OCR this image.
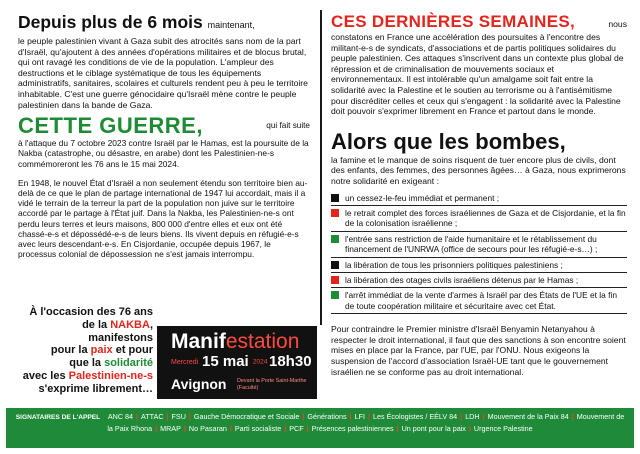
Depuis plus de 6 mois maintenant,

le peuple palestinien vivant à Gaza subit des atrocités sans nom de la part d'Israël, qu'ajoutent à des années d'opérations militaires et de blocus brutal, qui ont ravagé les conditions de vie de la population. L'ampleur des destructions et le ciblage systématique de tous les équipements administratifs, sanitaires, scolaires et culturels rendent peu à peu le territoire inhabitable. C'est une guerre génocidaire qu'Israël mène contre le peuple palestinien dans la bande de Gaza.

CETTE GUERRE,	qui fait suite

à l'attaque du 7 octobre 2023 contre Israël par le Hamas, est la poursuite de la Nakba (catastrophe, ou désastre, en arabe) dont les Palestinien-ne-s commémoreront les 76 ans le 15 mai 2024.

En 1948, le nouvel État d'Israël a non seulement étendu son territoire bien au-delà de ce que le plan de partage international de 1947 lui accordait, mais il a vidé le terrain de la terreur la part de la population non juive sur le territoire accordé par le partage à l'État juif. Dans la Nakba, les Palestinien-ne-s ont perdu leurs terres et leurs maisons, 800 000 d'entre elles et eux ont été chassé-e-s et dépossédé-e-s de leurs biens. Ils vivent depuis en réfugié-e-s avec leurs descendant-e-s. En Cisjordanie, occupée depuis 1967, le processus colonial de dépossession ne s'est jamais interrompu.

À l'occasion des 76 ans
de la NAKBA,
manifestons
pour la paix et pour
que la solidarité
avec les Palestinien-ne-s
s'exprime librement…
Manifestation
Mercredi 15 mai 2024 18h30
Avignon Devant la Porte Saint-Marthe (Faculté)
CES DERNIÈRES SEMAINES,	nous

constatons en France une accélération des poursuites à l'encontre des militant-e-s de syndicats, d'associations et de partis politiques solidaires du peuple palestinien. Ces attaques s'inscrivent dans un contexte plus global de répression et de criminalisation de mouvements sociaux et environnementaux. Il est intolérable qu'un amalgame soit fait entre la solidarité avec la Palestine et le soutien au terrorisme ou à l'antisémitisme pour discréditer celles et ceux qui s'engagent : la solidarité avec la Palestine doit pouvoir s'exprimer librement en France et partout dans le monde.

Alors que les bombes,

la famine et le manque de soins risquent de tuer encore plus de civils, dont des enfants, des femmes, des personnes âgées… à Gaza, nous exprimerons notre solidarité en exigeant :

un cessez-le-feu immédiat et permanent ;
le retrait complet des forces israéliennes de Gaza et de Cisjordanie, et la fin de la colonisation israélienne ;
l'entrée sans restriction de l'aide humanitaire et le rétablissement du financement de l'UNRWA (office de secours pour les réfugié-e-s…) ;
la libération de tous les prisonniers politiques palestiniens ;
la libération des otages civils israéliens détenus par le Hamas ;
l'arrêt immédiat de la vente d'armes à Israël par des États de l'UE et la fin de toute coopération militaire et sécuritaire avec cet État.

Pour contraindre le Premier ministre d'Israël Benyamin Netanyahou à respecter le droit international, il faut que des sanctions à son encontre soient mises en place par la France, par l'UE, par l'ONU. Nous exigeons la suspension de l'accord d'association Israël-UE tant que le gouvernement israélien ne se conforme pas au droit international.

SIGNATAIRES DE L'APPEL ANC 84 | ATTAC | FSU | Gauche Démocratique et Sociale | Générations | LFI | Les Écologistes / EÉLV 84 | LDH | Mouvement de la Paix 84 | Mouvement de la Paix Rhona | MRAP | No Pasaran | Parti socialiste | PCF | Présences palestiniennes | Un pont pour la paix | Urgence Palestine
